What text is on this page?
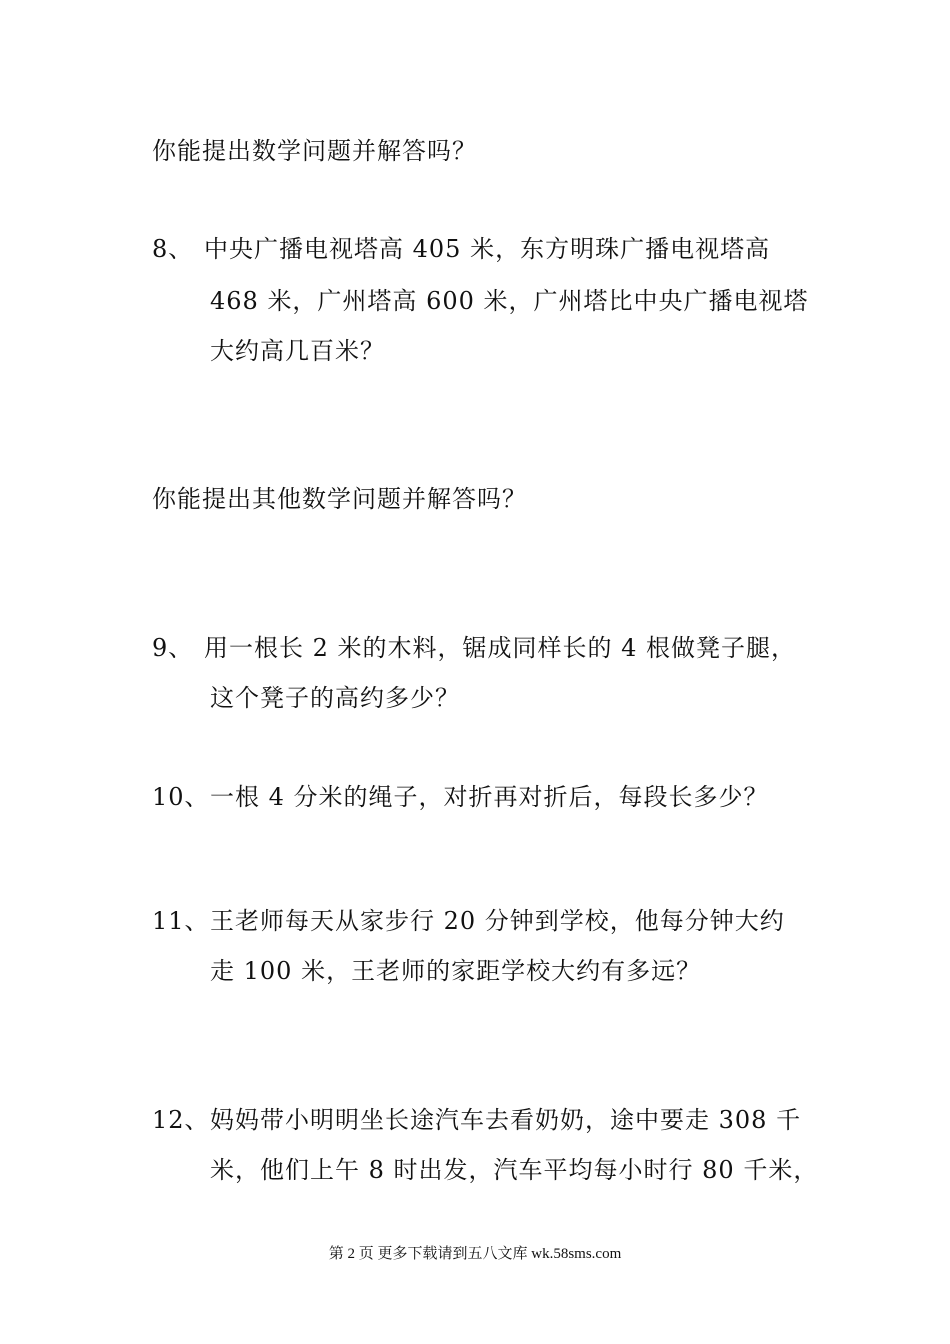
你能提出数学问题并解答吗？
8、 中央广播电视塔高 405 米，东方明珠广播电视塔高
468 米，广州塔高 600 米，广州塔比中央广播电视塔
大约高几百米？
你能提出其他数学问题并解答吗？
9、 用一根长 2 米的木料，锯成同样长的 4 根做凳子腿，
这个凳子的高约多少？
10、一根 4 分米的绳子，对折再对折后，每段长多少？
11、王老师每天从家步行 20 分钟到学校，他每分钟大约
走 100 米，王老师的家距学校大约有多远？
12、妈妈带小明明坐长途汽车去看奶奶，途中要走 308 千
米，他们上午 8 时出发，汽车平均每小时行 80 千米，
第 2 页 更多下载请到五八文库 wk.58sms.com
